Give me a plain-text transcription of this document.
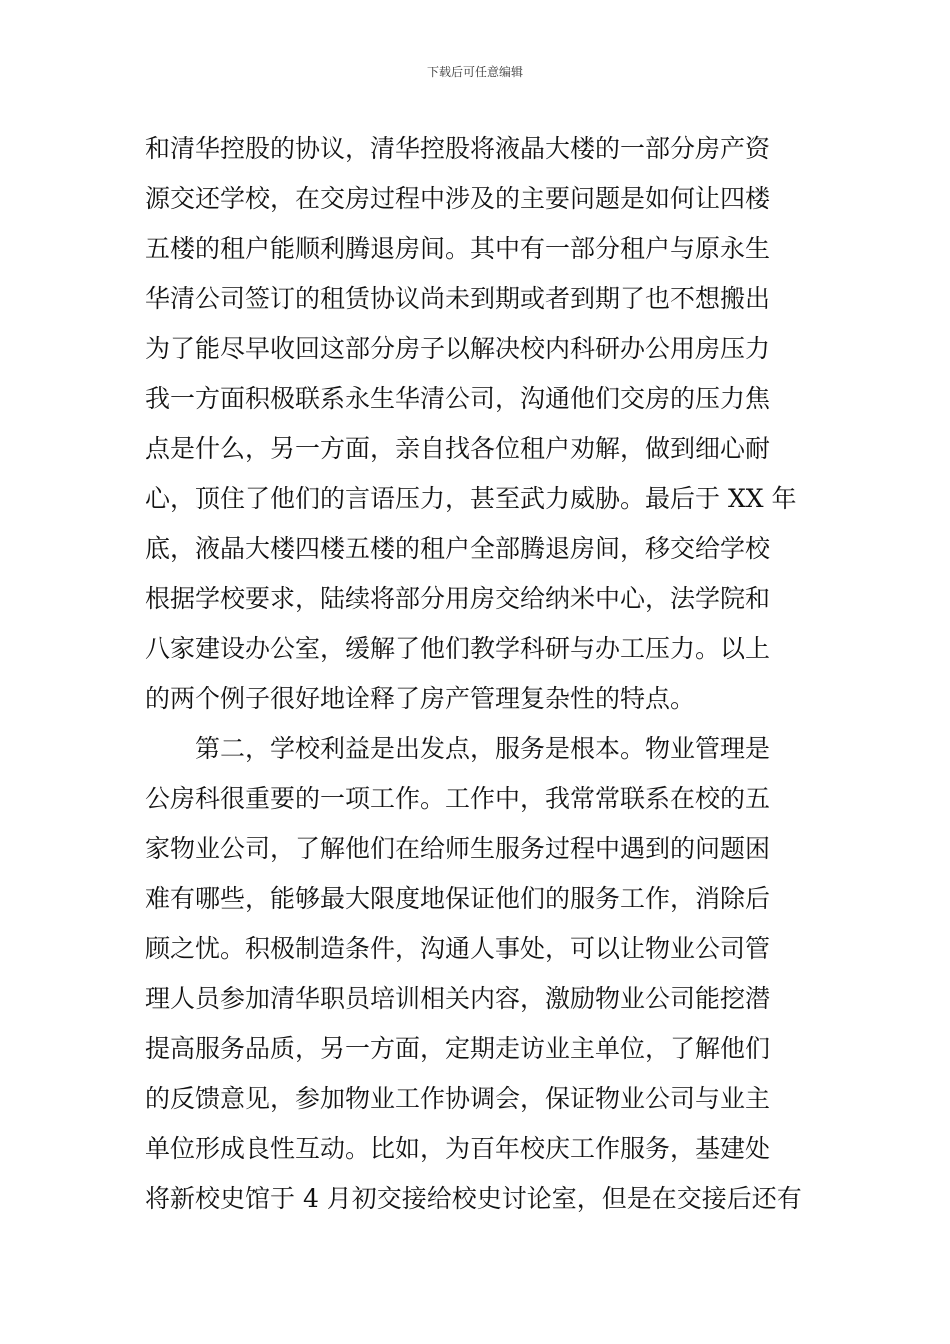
下载后可任意编辑
和清华控股的协议，清华控股将液晶大楼的一部分房产资
源交还学校，在交房过程中涉及的主要问题是如何让四楼
五楼的租户能顺利腾退房间。其中有一部分租户与原永生
华清公司签订的租赁协议尚未到期或者到期了也不想搬出
为了能尽早收回这部分房子以解决校内科研办公用房压力
我一方面积极联系永生华清公司，沟通他们交房的压力焦
点是什么，另一方面，亲自找各位租户劝解，做到细心耐
心，顶住了他们的言语压力，甚至武力威胁。最后于 XX 年
底，液晶大楼四楼五楼的租户全部腾退房间，移交给学校
根据学校要求，陆续将部分用房交给纳米中心，法学院和
八家建设办公室，缓解了他们教学科研与办工压力。以上
的两个例子很好地诠释了房产管理复杂性的特点。
　　第二，学校利益是出发点，服务是根本。物业管理是
公房科很重要的一项工作。工作中，我常常联系在校的五
家物业公司，了解他们在给师生服务过程中遇到的问题困
难有哪些，能够最大限度地保证他们的服务工作，消除后
顾之忧。积极制造条件，沟通人事处，可以让物业公司管
理人员参加清华职员培训相关内容，激励物业公司能挖潜
提高服务品质，另一方面，定期走访业主单位，了解他们
的反馈意见，参加物业工作协调会，保证物业公司与业主
单位形成良性互动。比如，为百年校庆工作服务，基建处
将新校史馆于 4 月初交接给校史讨论室，但是在交接后还有
